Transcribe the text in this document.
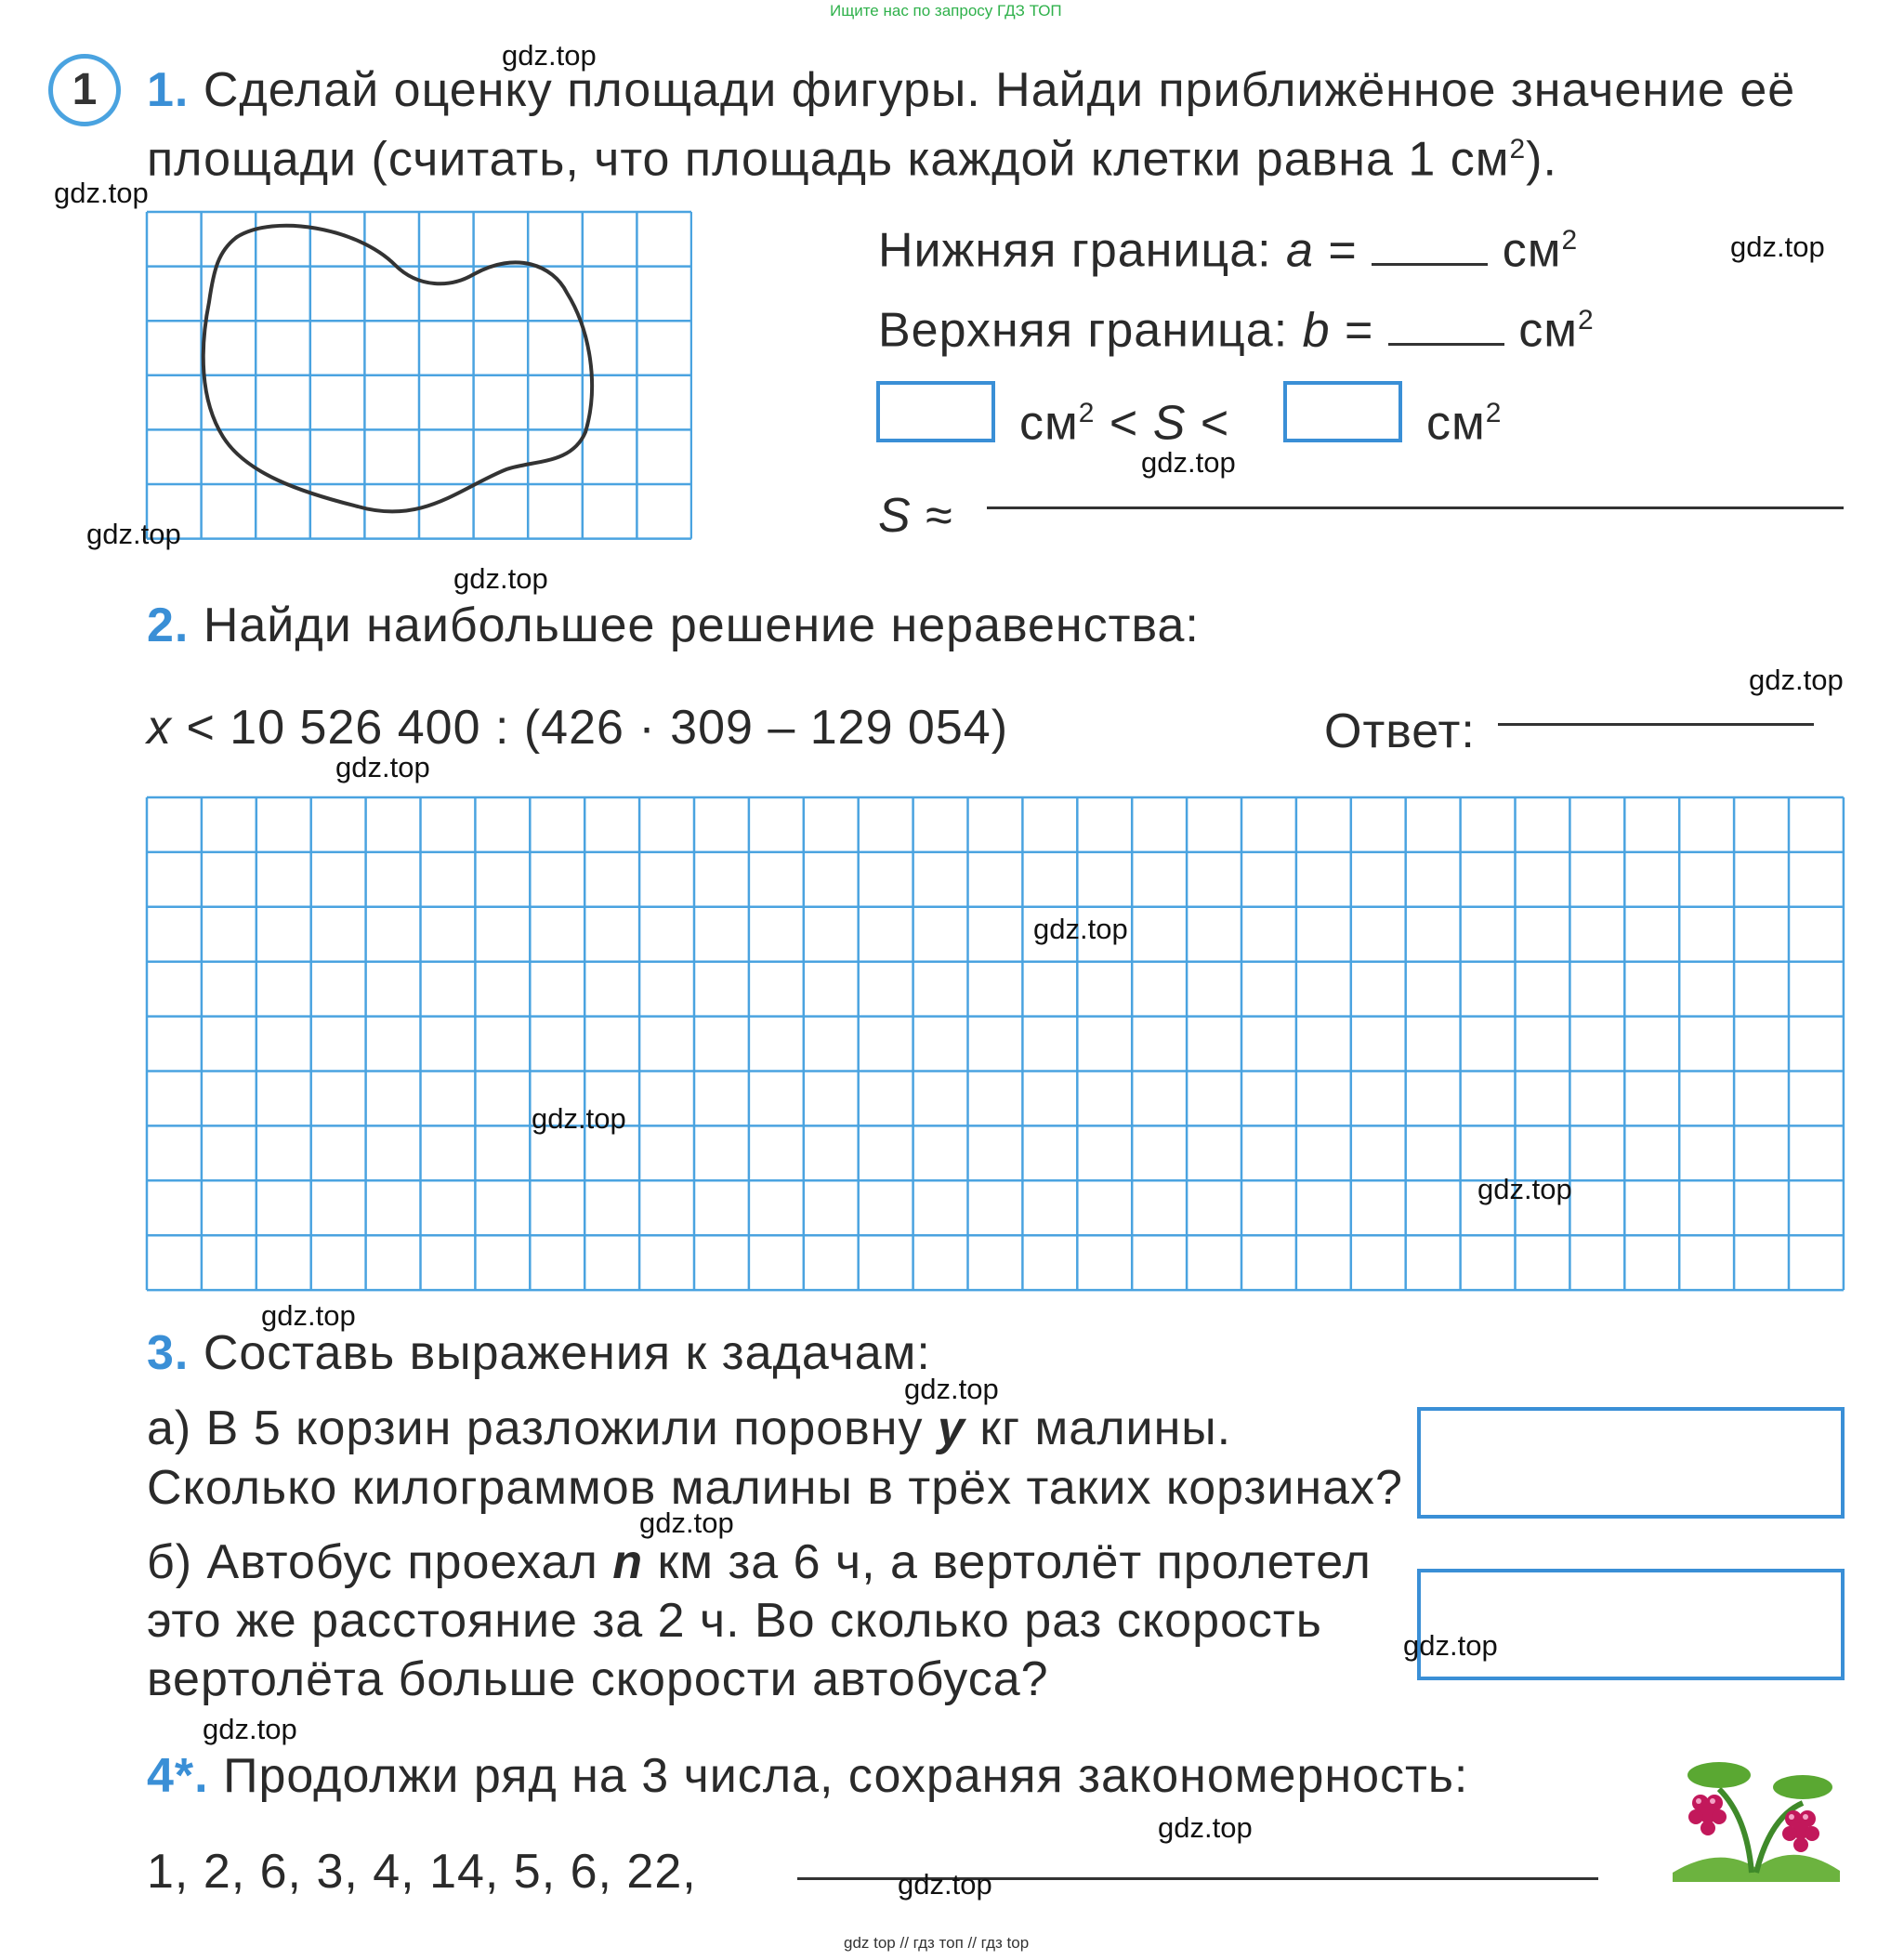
Ищите нас по запросу ГДЗ ТОП
gdz top // гдз топ // гдз top
1	1. Сделай оценку площади фигуры. Найди приближённое значение её
площади (считать, что площадь каждой клетки равна 1 $см^2$).
Нижняя граница: a =	$см^2$
Верхняя граница: b =	$см^2$
$см^2 < S$ <	$см^2$
S ≈
2. Найди наибольшее решение неравенства:
x < 10 526 400 : (426 · 309 – 129 054)	Ответ:
3. Составь выражения к задачам:
а) В 5 корзин разложили поровну y кг малины.
Сколько килограммов малины в трёх таких корзинах?
б) Автобус проехал n км за 6 ч, а вертолёт пролетел
это же расстояние за 2 ч. Во сколько раз скорость
вертолёта больше скорости автобуса?
4*. Продолжи ряд на 3 числа, сохраняя закономерность:
1, 2, 6, 3, 4, 14, 5, 6, 22,
gdz.top
gdz.top
gdz.top
gdz.top
gdz.top
gdz.top
gdz.top
gdz.top
gdz.top
gdz.top
gdz.top
gdz.top
gdz.top
gdz.top
gdz.top
gdz.top
gdz.top
gdz.top
